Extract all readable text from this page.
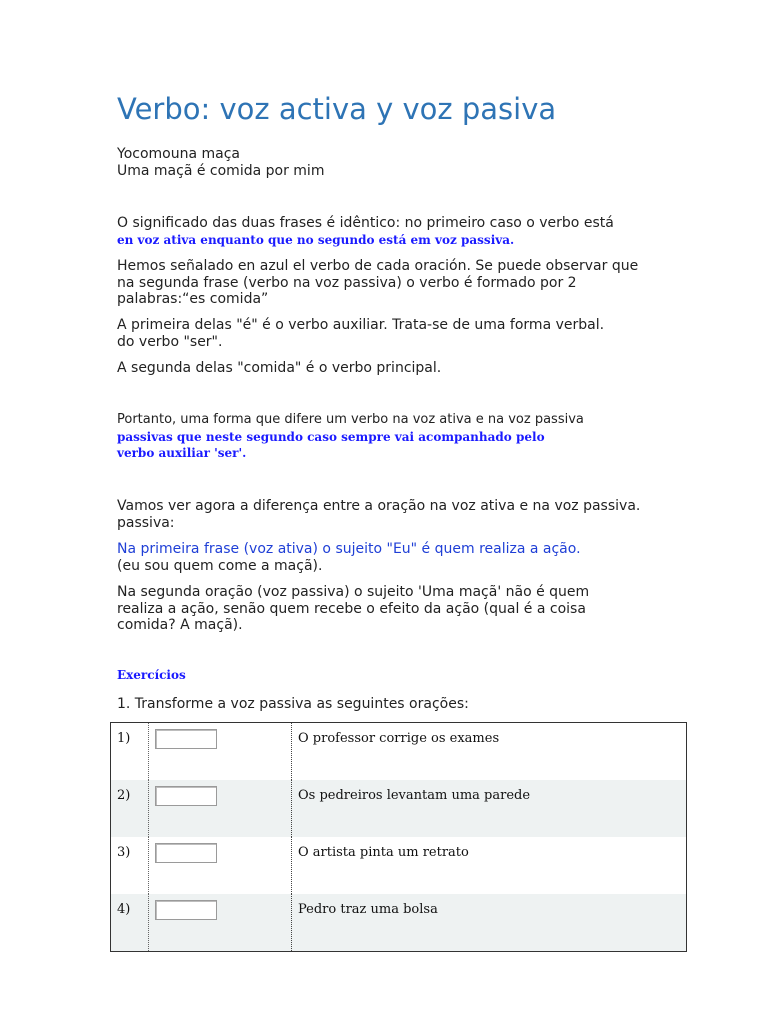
Verbo: voz activa y voz pasiva
Yocomouna maça
Uma maçã é comida por mim
O significado das duas frases é idêntico: no primeiro caso o verbo está
en voz ativa enquanto que no segundo está em voz passiva.
Hemos señalado en azul el verbo de cada oración. Se puede observar que
na segunda frase (verbo na voz passiva) o verbo é formado por 2
palabras:“es comida”
A primeira delas "é" é o verbo auxiliar. Trata-se de uma forma verbal.
do verbo "ser".
A segunda delas "comida" é o verbo principal.
Portanto, uma forma que difere um verbo na voz ativa e na voz passiva
passivas que neste segundo caso sempre vai acompanhado pelo
verbo auxiliar 'ser'.
Vamos ver agora a diferença entre a oração na voz ativa e na voz passiva.
passiva:
Na primeira frase (voz ativa) o sujeito "Eu" é quem realiza a ação.
(eu sou quem come a maçã).
Na segunda oração (voz passiva) o sujeito 'Uma maçã' não é quem
realiza a ação, senão quem recebe o efeito da ação (qual é a coisa
comida? A maçã).
Exercícios
1. Transforme a voz passiva as seguintes orações:
1)		O professor corrige os exames
2)		Os pedreiros levantam uma parede
3)		O artista pinta um retrato
4)		Pedro traz uma bolsa
